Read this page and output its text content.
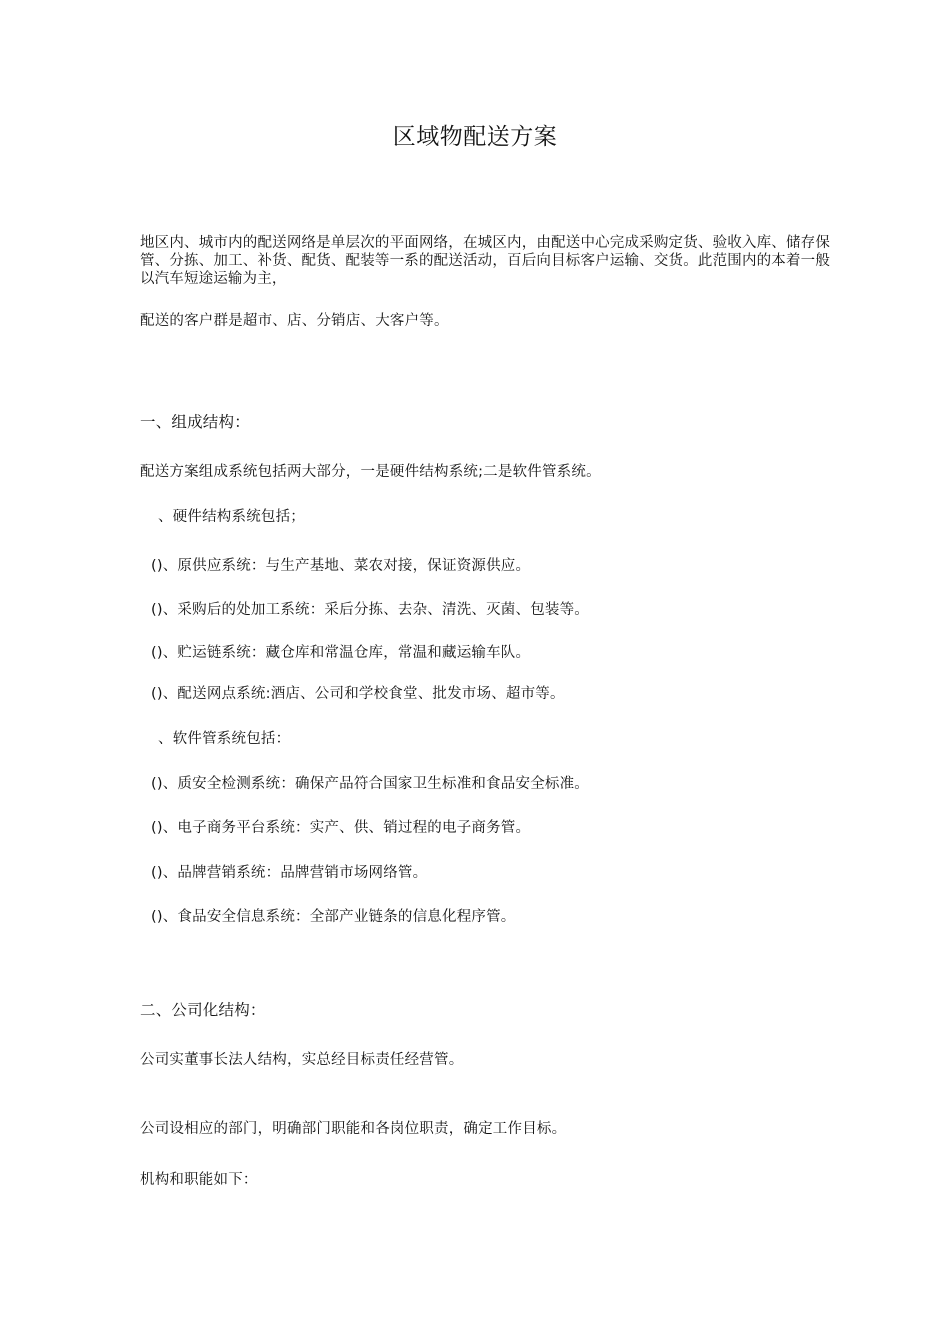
区域物配送方案
地区内、城市内的配送网络是单层次的平面网络，在城区内，由配送中心完成采购定货、验收入库、储存保管、分拣、加工、补货、配货、配装等一系的配送活动，百后向目标客户运输、交货。此范围内的本着一般以汽车短途运输为主，
配送的客户群是超市、店、分销店、大客户等。
一、组成结构：
配送方案组成系统包括两大部分，一是硬件结构系统;二是软件管系统。
、硬件结构系统包括；
()、原供应系统：与生产基地、菜农对接，保证资源供应。
()、采购后的处加工系统：采后分拣、去杂、清洗、灭菌、包装等。
()、贮运链系统：藏仓库和常温仓库，常温和藏运输车队。
()、配送网点系统:酒店、公司和学校食堂、批发市场、超市等。
、软件管系统包括：
()、质安全检测系统：确保产品符合国家卫生标准和食品安全标准。
()、电子商务平台系统：实产、供、销过程的电子商务管。
()、品牌营销系统：品牌营销市场网络管。
()、食品安全信息系统：全部产业链条的信息化程序管。
二、公司化结构：
公司实董事长法人结构，实总经目标责任经营管。
公司设相应的部门，明确部门职能和各岗位职责，确定工作目标。
机构和职能如下：
